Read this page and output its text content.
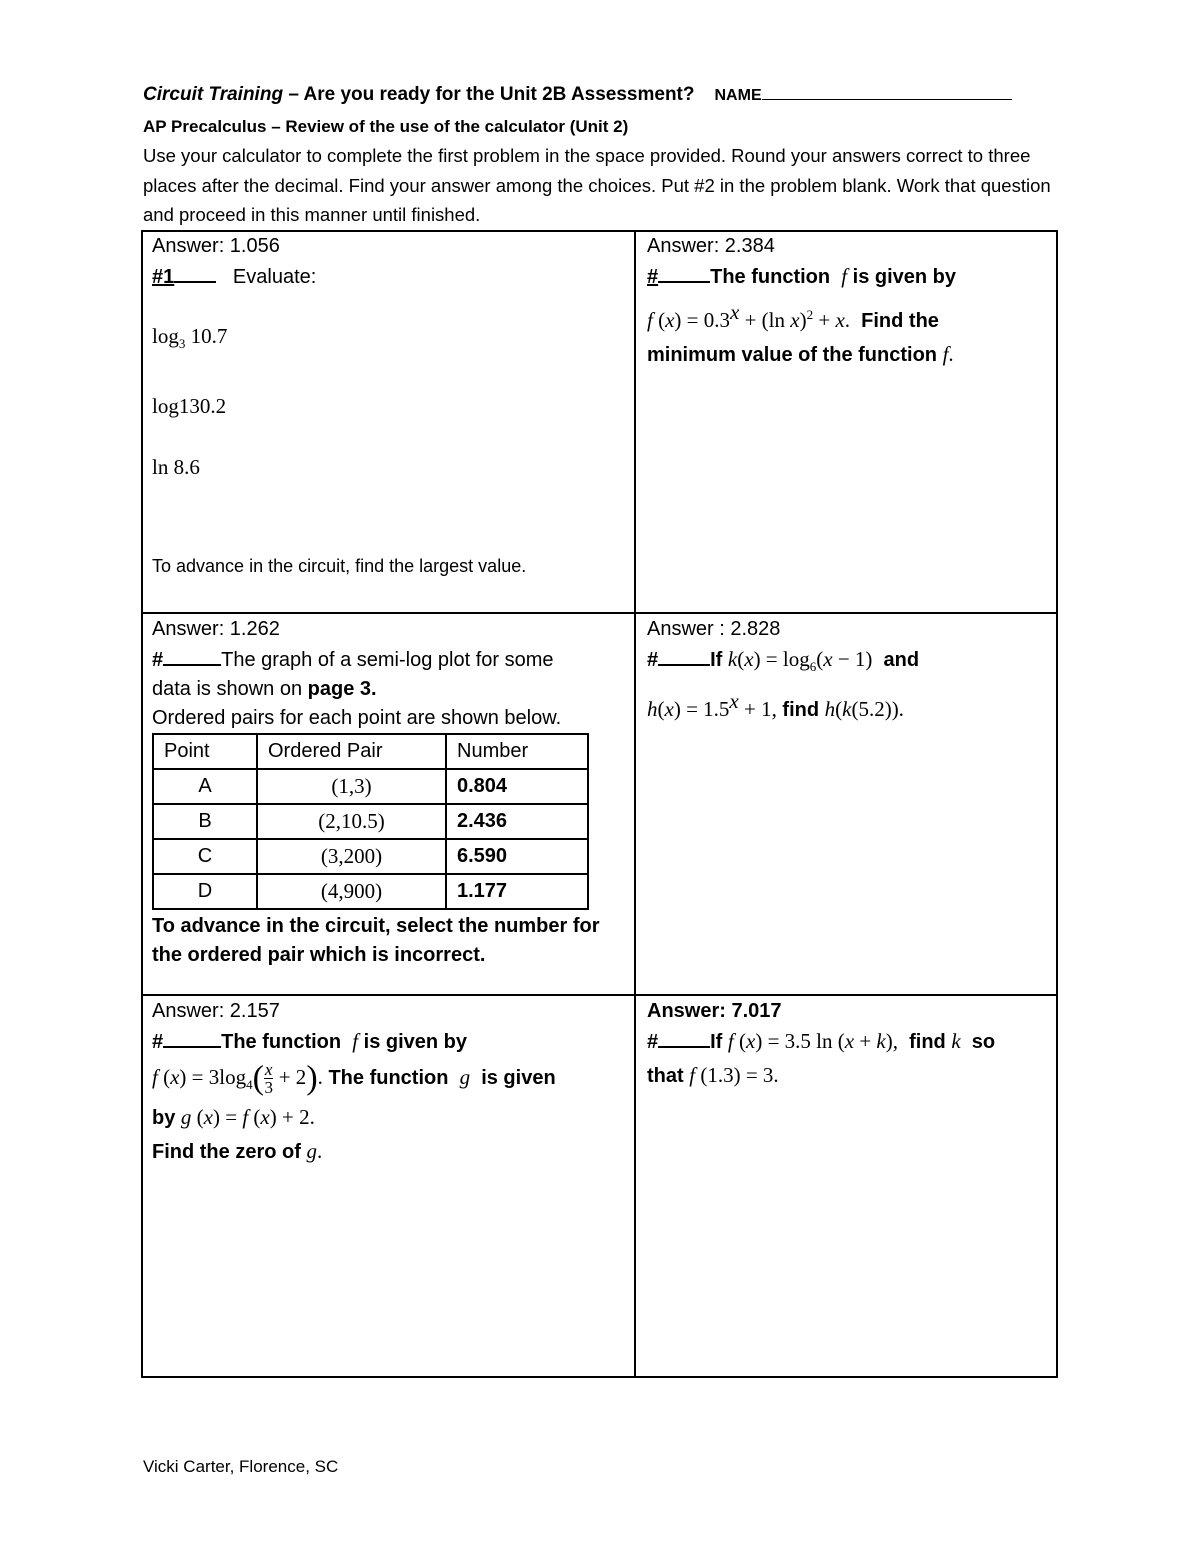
Circuit Training – Are you ready for the Unit 2B Assessment? NAME
AP Precalculus – Review of the use of the calculator (Unit 2)
Use your calculator to complete the first problem in the space provided. Round your answers correct to three places after the decimal. Find your answer among the choices. Put #2 in the problem blank. Work that question and proceed in this manner until finished.
Answer: 1.056
#1	Evaluate:
$\log_3 10.7$
log130.2
ln 8.6
To advance in the circuit, find the largest value.
Answer: 2.384
#	The function f is given by
f $(x) = 0.3^x + (\ln$ x)$^2$ + x. Find the
minimum value of the function f.
Answer: 1.262
#	The graph of a semi-log plot for some
data is shown on page 3.
Ordered pairs for each point are shown below.
Point	Ordered Pair	Number
A	(1,3)	0.804
B	(2,10.5)	2.436
C	(3,200)	6.590
D	(4,900)	1.177
To advance in the circuit, select the number for
the ordered pair which is incorrect.
Answer : 2.828
#	If $k(x) = \log_6(x - 1)$ and
$h(x) = 1.5^x + 1$, find h(k(5.2)).
Answer: 2.157
#	The function f is given by
f $(x) = 3\log_4( \frac{x}{3} + 2)$. The function g is given
by g (x) = f (x) + 2.
Find the zero of g.
Answer: 7.017
#	If f (x) = 3.5 ln (x + k), find k so
that f (1.3) = 3.
Vicki Carter, Florence, SC
